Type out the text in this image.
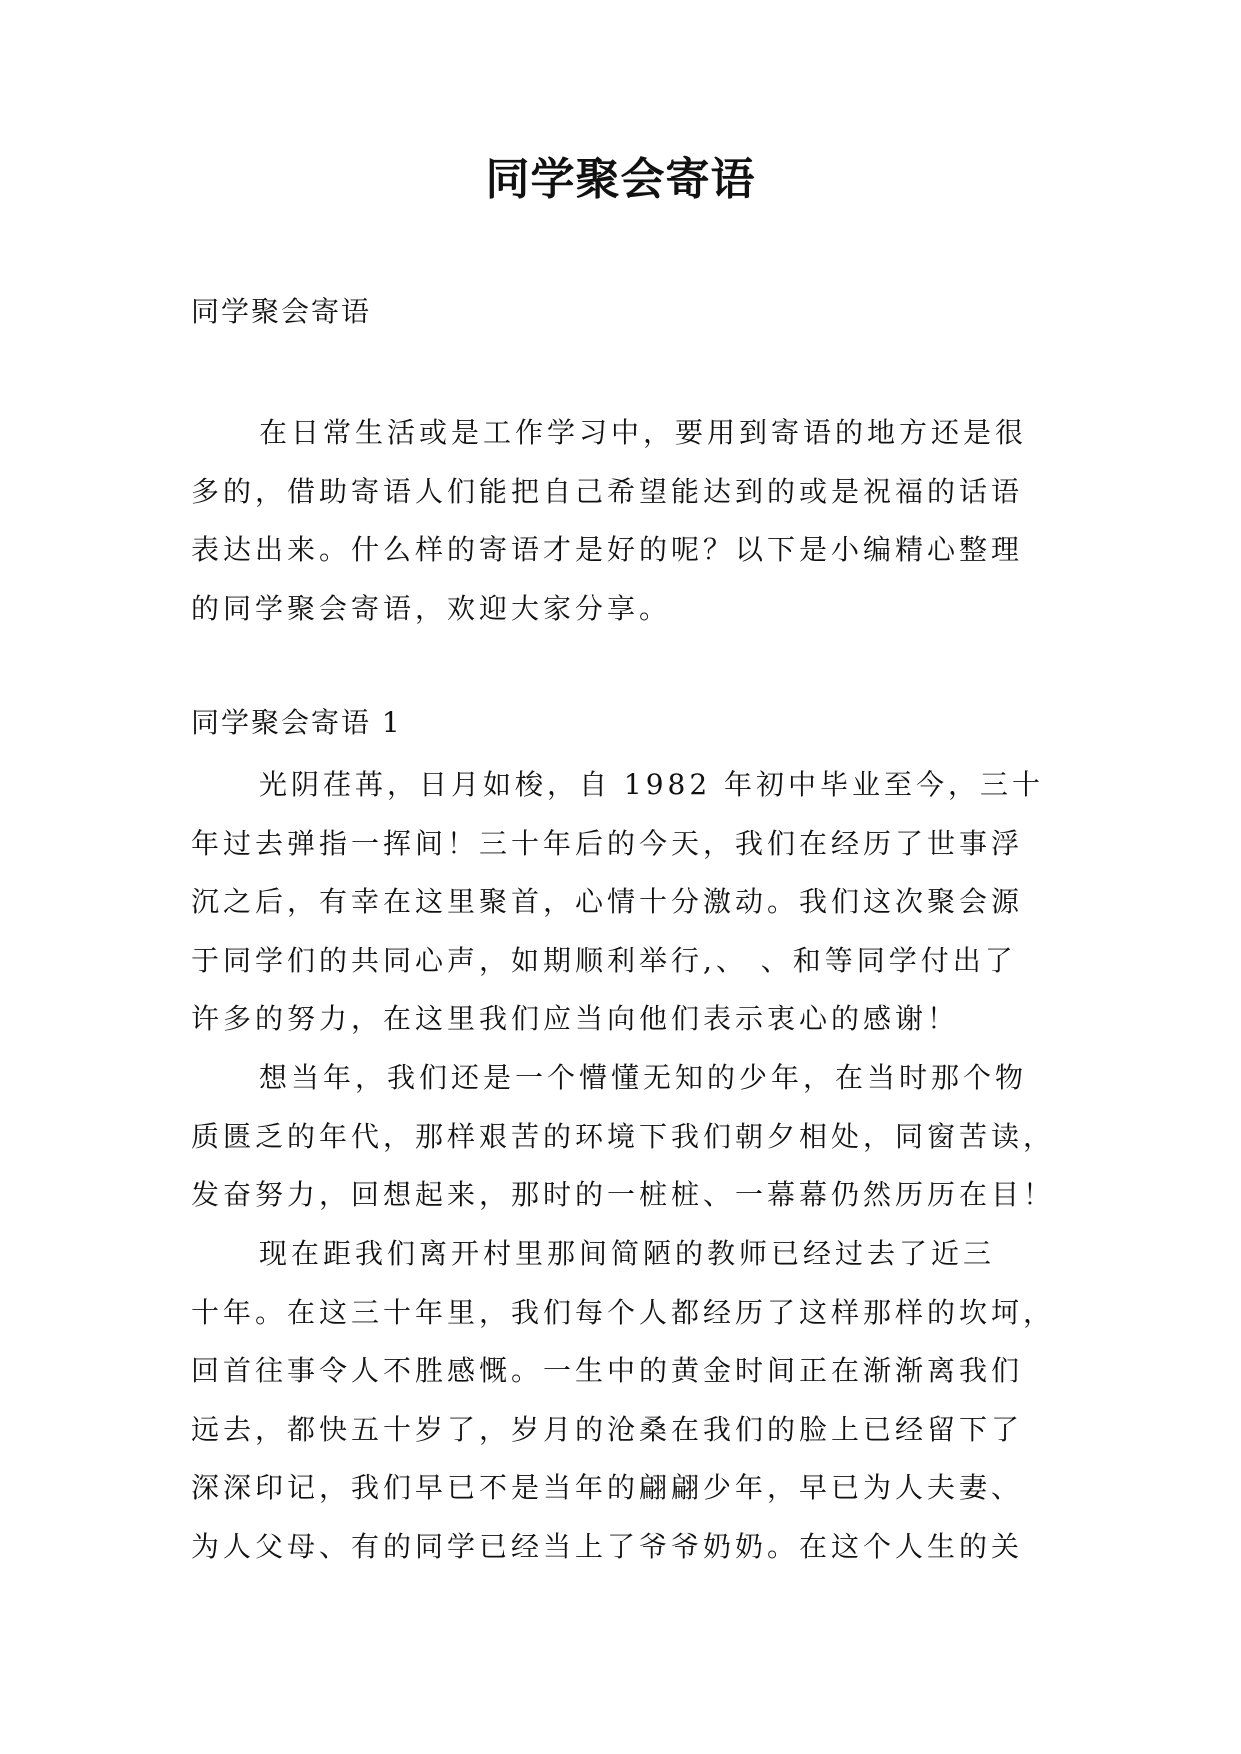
同学聚会寄语

同学聚会寄语

在日常生活或是工作学习中，要用到寄语的地方还是很
多的，借助寄语人们能把自己希望能达到的或是祝福的话语
表达出来。什么样的寄语才是好的呢？以下是小编精心整理
的同学聚会寄语，欢迎大家分享。

同学聚会寄语 1

光阴荏苒，日月如梭，自 1982 年初中毕业至今，三十
年过去弹指一挥间！三十年后的今天，我们在经历了世事浮
沉之后，有幸在这里聚首，心情十分激动。我们这次聚会源
于同学们的共同心声，如期顺利举行,、 、和等同学付出了
许多的努力，在这里我们应当向他们表示衷心的感谢！
想当年，我们还是一个懵懂无知的少年，在当时那个物
质匮乏的年代，那样艰苦的环境下我们朝夕相处，同窗苦读，
发奋努力，回想起来，那时的一桩桩、一幕幕仍然历历在目！
现在距我们离开村里那间简陋的教师已经过去了近三
十年。在这三十年里，我们每个人都经历了这样那样的坎坷，
回首往事令人不胜感慨。一生中的黄金时间正在渐渐离我们
远去，都快五十岁了，岁月的沧桑在我们的脸上已经留下了
深深印记，我们早已不是当年的翩翩少年，早已为人夫妻、
为人父母、有的同学已经当上了爷爷奶奶。在这个人生的关
